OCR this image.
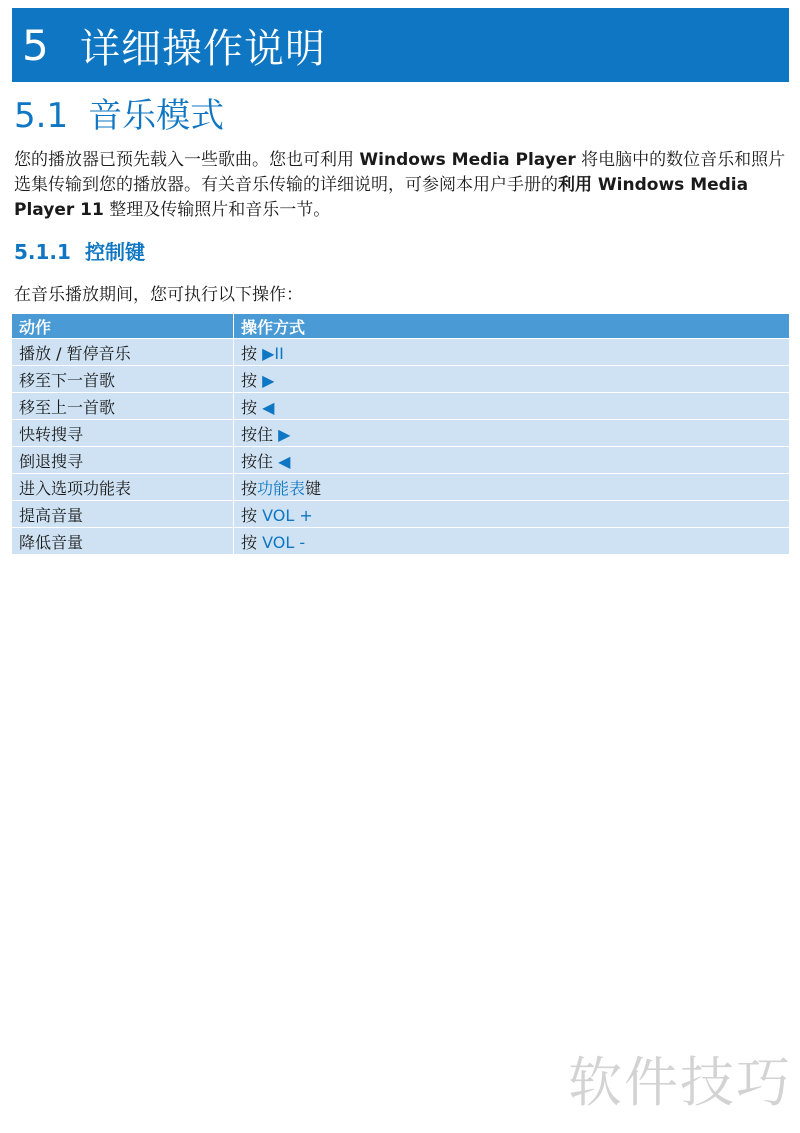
5 详细操作说明
5.1 音乐模式

您的播放器已预先载入一些歌曲。您也可利用 Windows Media Player 将电脑中的数位音乐和照片选集传输到您的播放器。有关音乐传输的详细说明，可参阅本用户手册的利用 Windows Media Player 11 整理及传输照片和音乐一节。

5.1.1 控制键

在音乐播放期间，您可执行以下操作：

动作	操作方式
播放 / 暂停音乐	按 ▶II
移至下一首歌	按 ▶
移至上一首歌	按 ◀
快转搜寻	按住 ▶
倒退搜寻	按住 ◀
进入选项功能表	按功能表键
提高音量	按 VOL +
降低音量	按 VOL -
软件技巧
